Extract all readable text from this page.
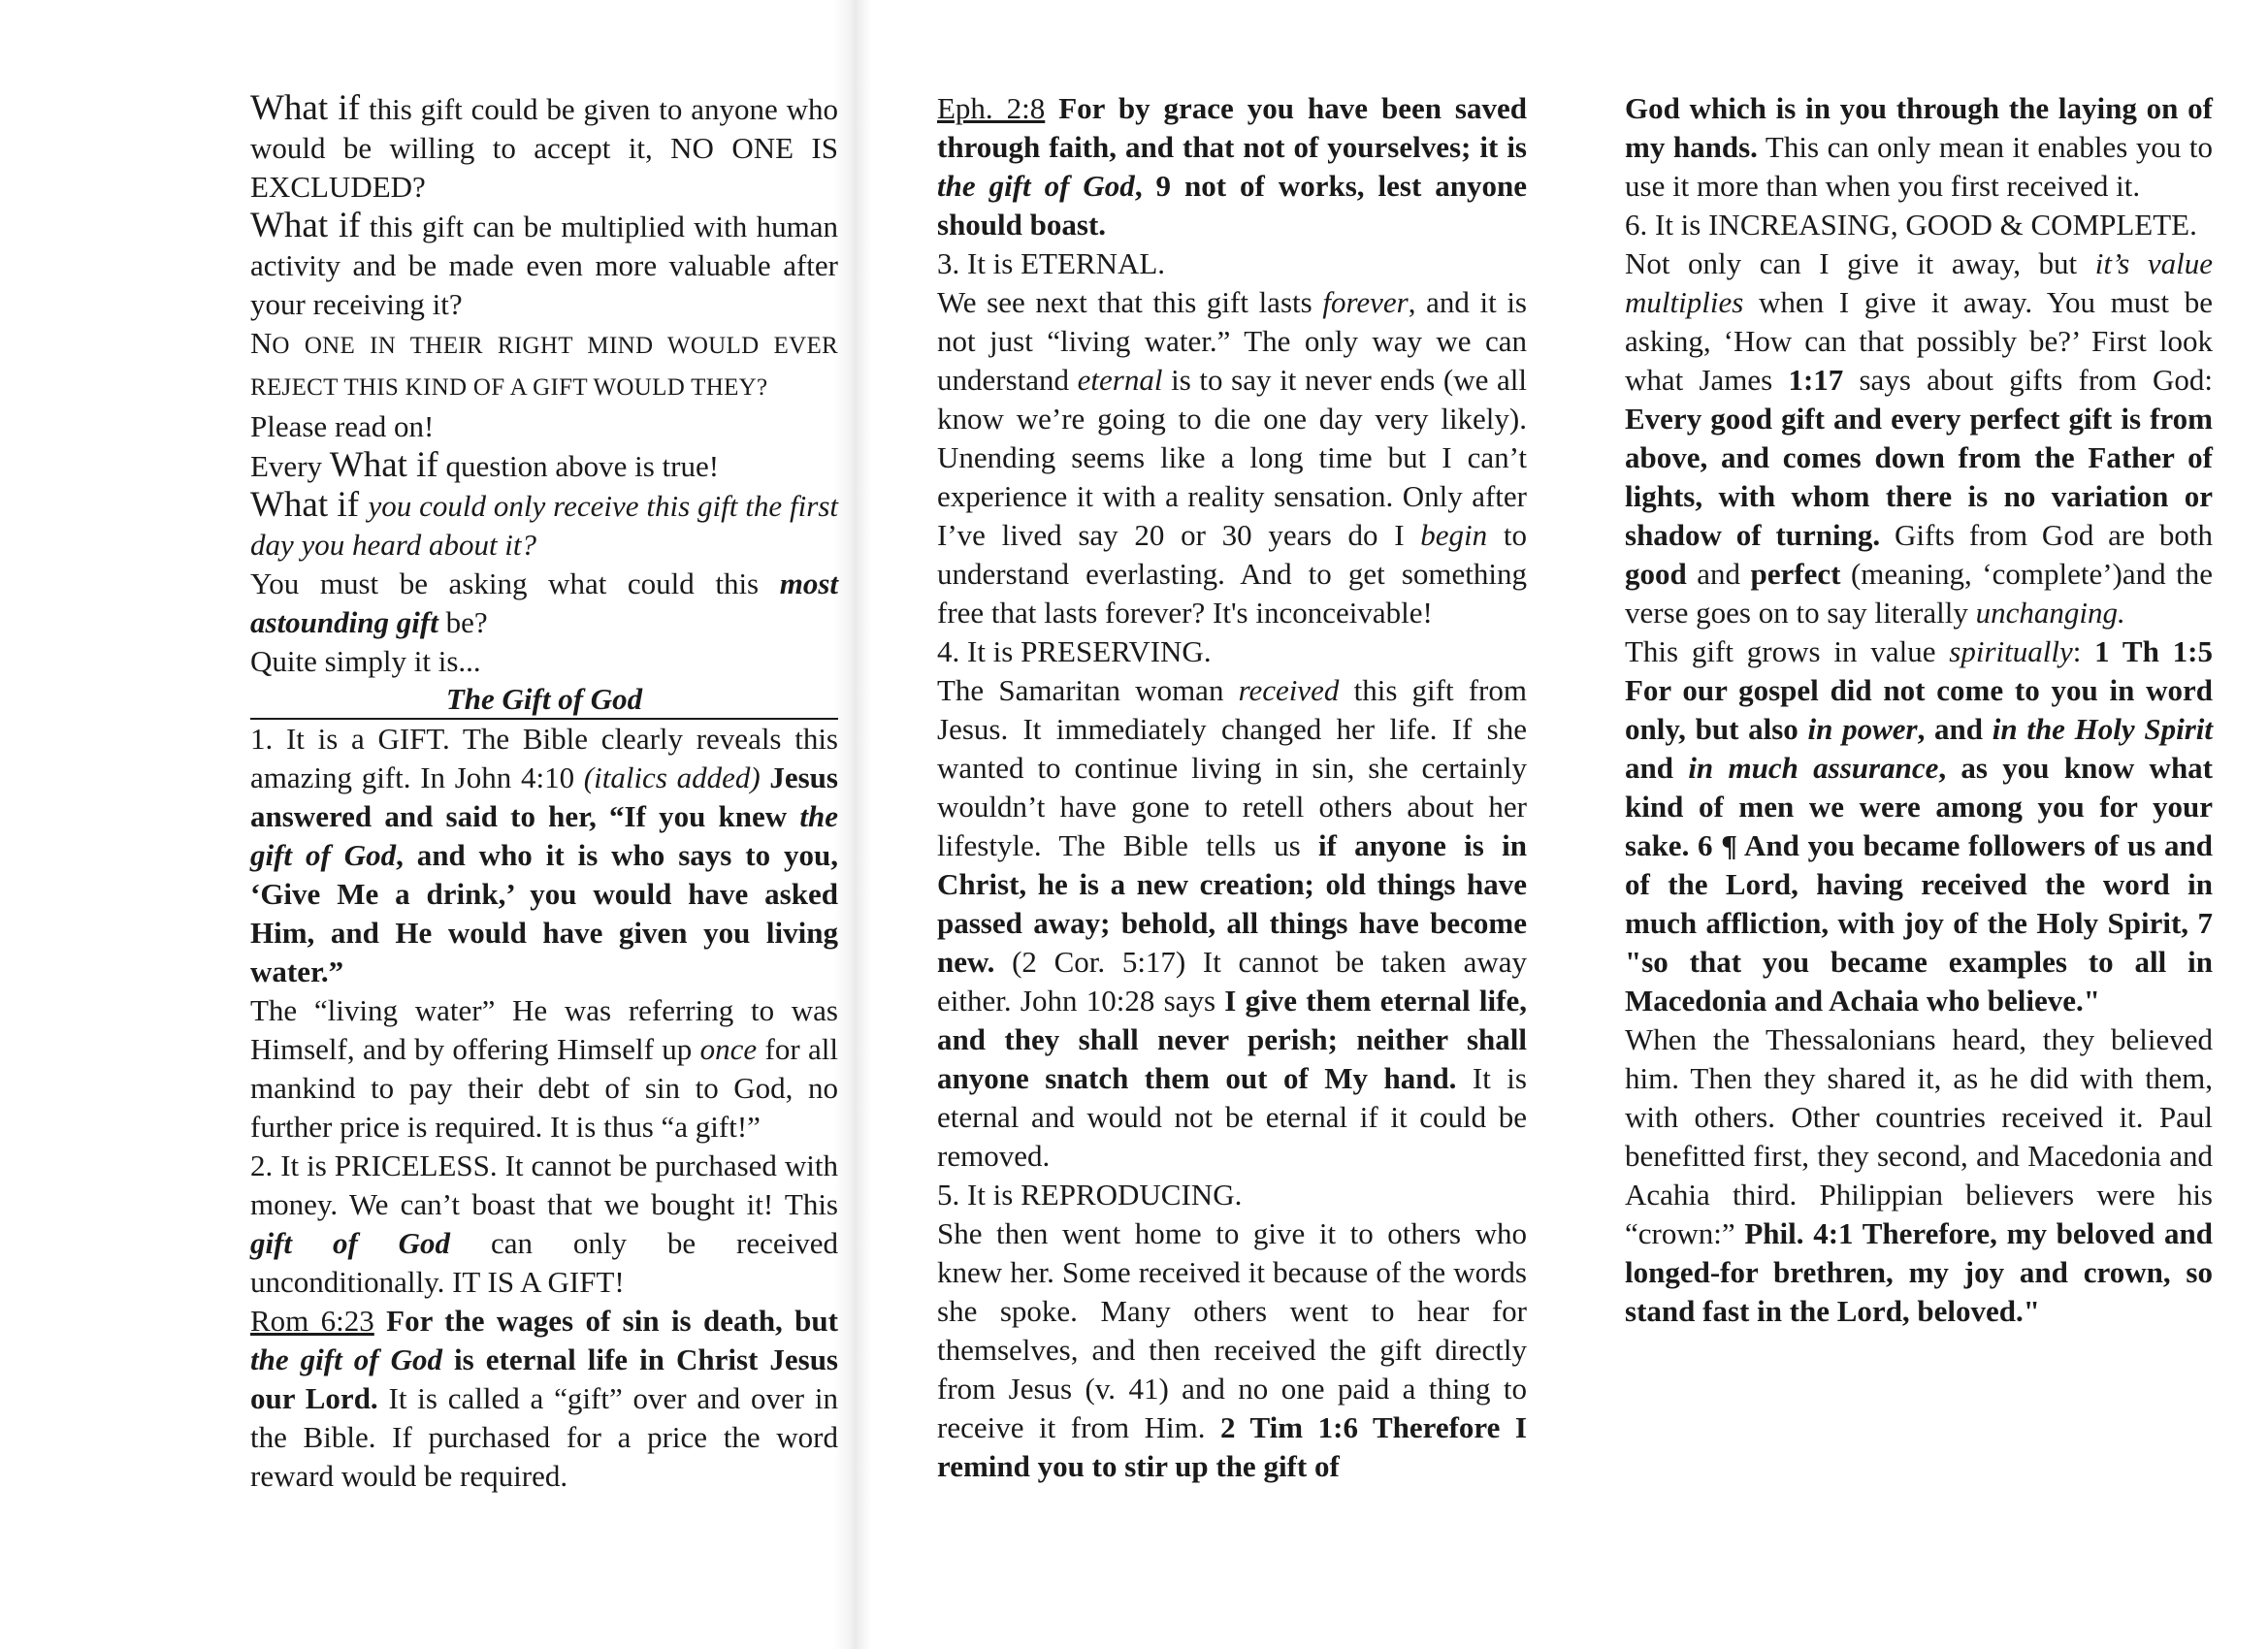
What if this gift could be given to anyone who would be willing to accept it, NO ONE IS EXCLUDED?

What if this gift can be multiplied with human activity and be made even more valuable after your receiving it?

NO ONE IN THEIR RIGHT MIND WOULD EVER REJECT THIS KIND OF A GIFT WOULD THEY?

Please read on!

Every What if question above is true!

What if you could only receive this gift the first day you heard about it?

You must be asking what could this most astounding gift be?

Quite simply it is...

The Gift of God

1. It is a GIFT. The Bible clearly reveals this amazing gift. In John 4:10 (italics added) Jesus answered and said to her, “If you knew the gift of God, and who it is who says to you, ‘Give Me a drink,’ you would have asked Him, and He would have given you living water.”

The “living water” He was referring to was Himself, and by offering Himself up once for all mankind to pay their debt of sin to God, no further price is required. It is thus “a gift!”

2. It is PRICELESS. It cannot be purchased with money. We can’t boast that we bought it! This gift of God can only be received unconditionally. IT IS A GIFT!

Rom 6:23 For the wages of sin is death, but the gift of God is eternal life in Christ Jesus our Lord. It is called a “gift” over and over in the Bible. If purchased for a price the word reward would be required.

Eph. 2:8 For by grace you have been saved through faith, and that not of yourselves; it is the gift of God, 9 not of works, lest anyone should boast.

3. It is ETERNAL.

We see next that this gift lasts forever, and it is not just “living water.” The only way we can understand eternal is to say it never ends (we all know we’re going to die one day very likely). Unending seems like a long time but I can’t experience it with a reality sensation. Only after I’ve lived say 20 or 30 years do I begin to understand everlasting. And to get something free that lasts forever? It's inconceivable!

4. It is PRESERVING.

The Samaritan woman received this gift from Jesus. It immediately changed her life. If she wanted to continue living in sin, she certainly wouldn’t have gone to retell others about her lifestyle. The Bible tells us if anyone is in Christ, he is a new creation; old things have passed away; behold, all things have become new. (2 Cor. 5:17) It cannot be taken away either. John 10:28 says I give them eternal life, and they shall never perish; neither shall anyone snatch them out of My hand. It is eternal and would not be eternal if it could be removed.

5. It is REPRODUCING.

She then went home to give it to others who knew her. Some received it because of the words she spoke. Many others went to hear for themselves, and then received the gift directly from Jesus (v. 41) and no one paid a thing to receive it from Him. 2 Tim 1:6 Therefore I remind you to stir up the gift of

God which is in you through the laying on of my hands. This can only mean it enables you to use it more than when you first received it.

6. It is INCREASING, GOOD & COMPLETE.

Not only can I give it away, but it’s value multiplies when I give it away. You must be asking, ‘How can that possibly be?’ First look what James 1:17 says about gifts from God: Every good gift and every perfect gift is from above, and comes down from the Father of lights, with whom there is no variation or shadow of turning. Gifts from God are both good and perfect (meaning, ‘complete’)and the verse goes on to say literally unchanging.

This gift grows in value spiritually: 1 Th 1:5 For our gospel did not come to you in word only, but also in power, and in the Holy Spirit and in much assurance, as you know what kind of men we were among you for your sake. 6 ¶ And you became followers of us and of the Lord, having received the word in much affliction, with joy of the Holy Spirit, 7 "so that you became examples to all in Macedonia and Achaia who believe."

When the Thessalonians heard, they believed him. Then they shared it, as he did with them, with others. Other countries received it. Paul benefitted first, they second, and Macedonia and Acahia third. Philippian believers were his “crown:” Phil. 4:1 Therefore, my beloved and longed-for brethren, my joy and crown, so stand fast in the Lord, beloved."
